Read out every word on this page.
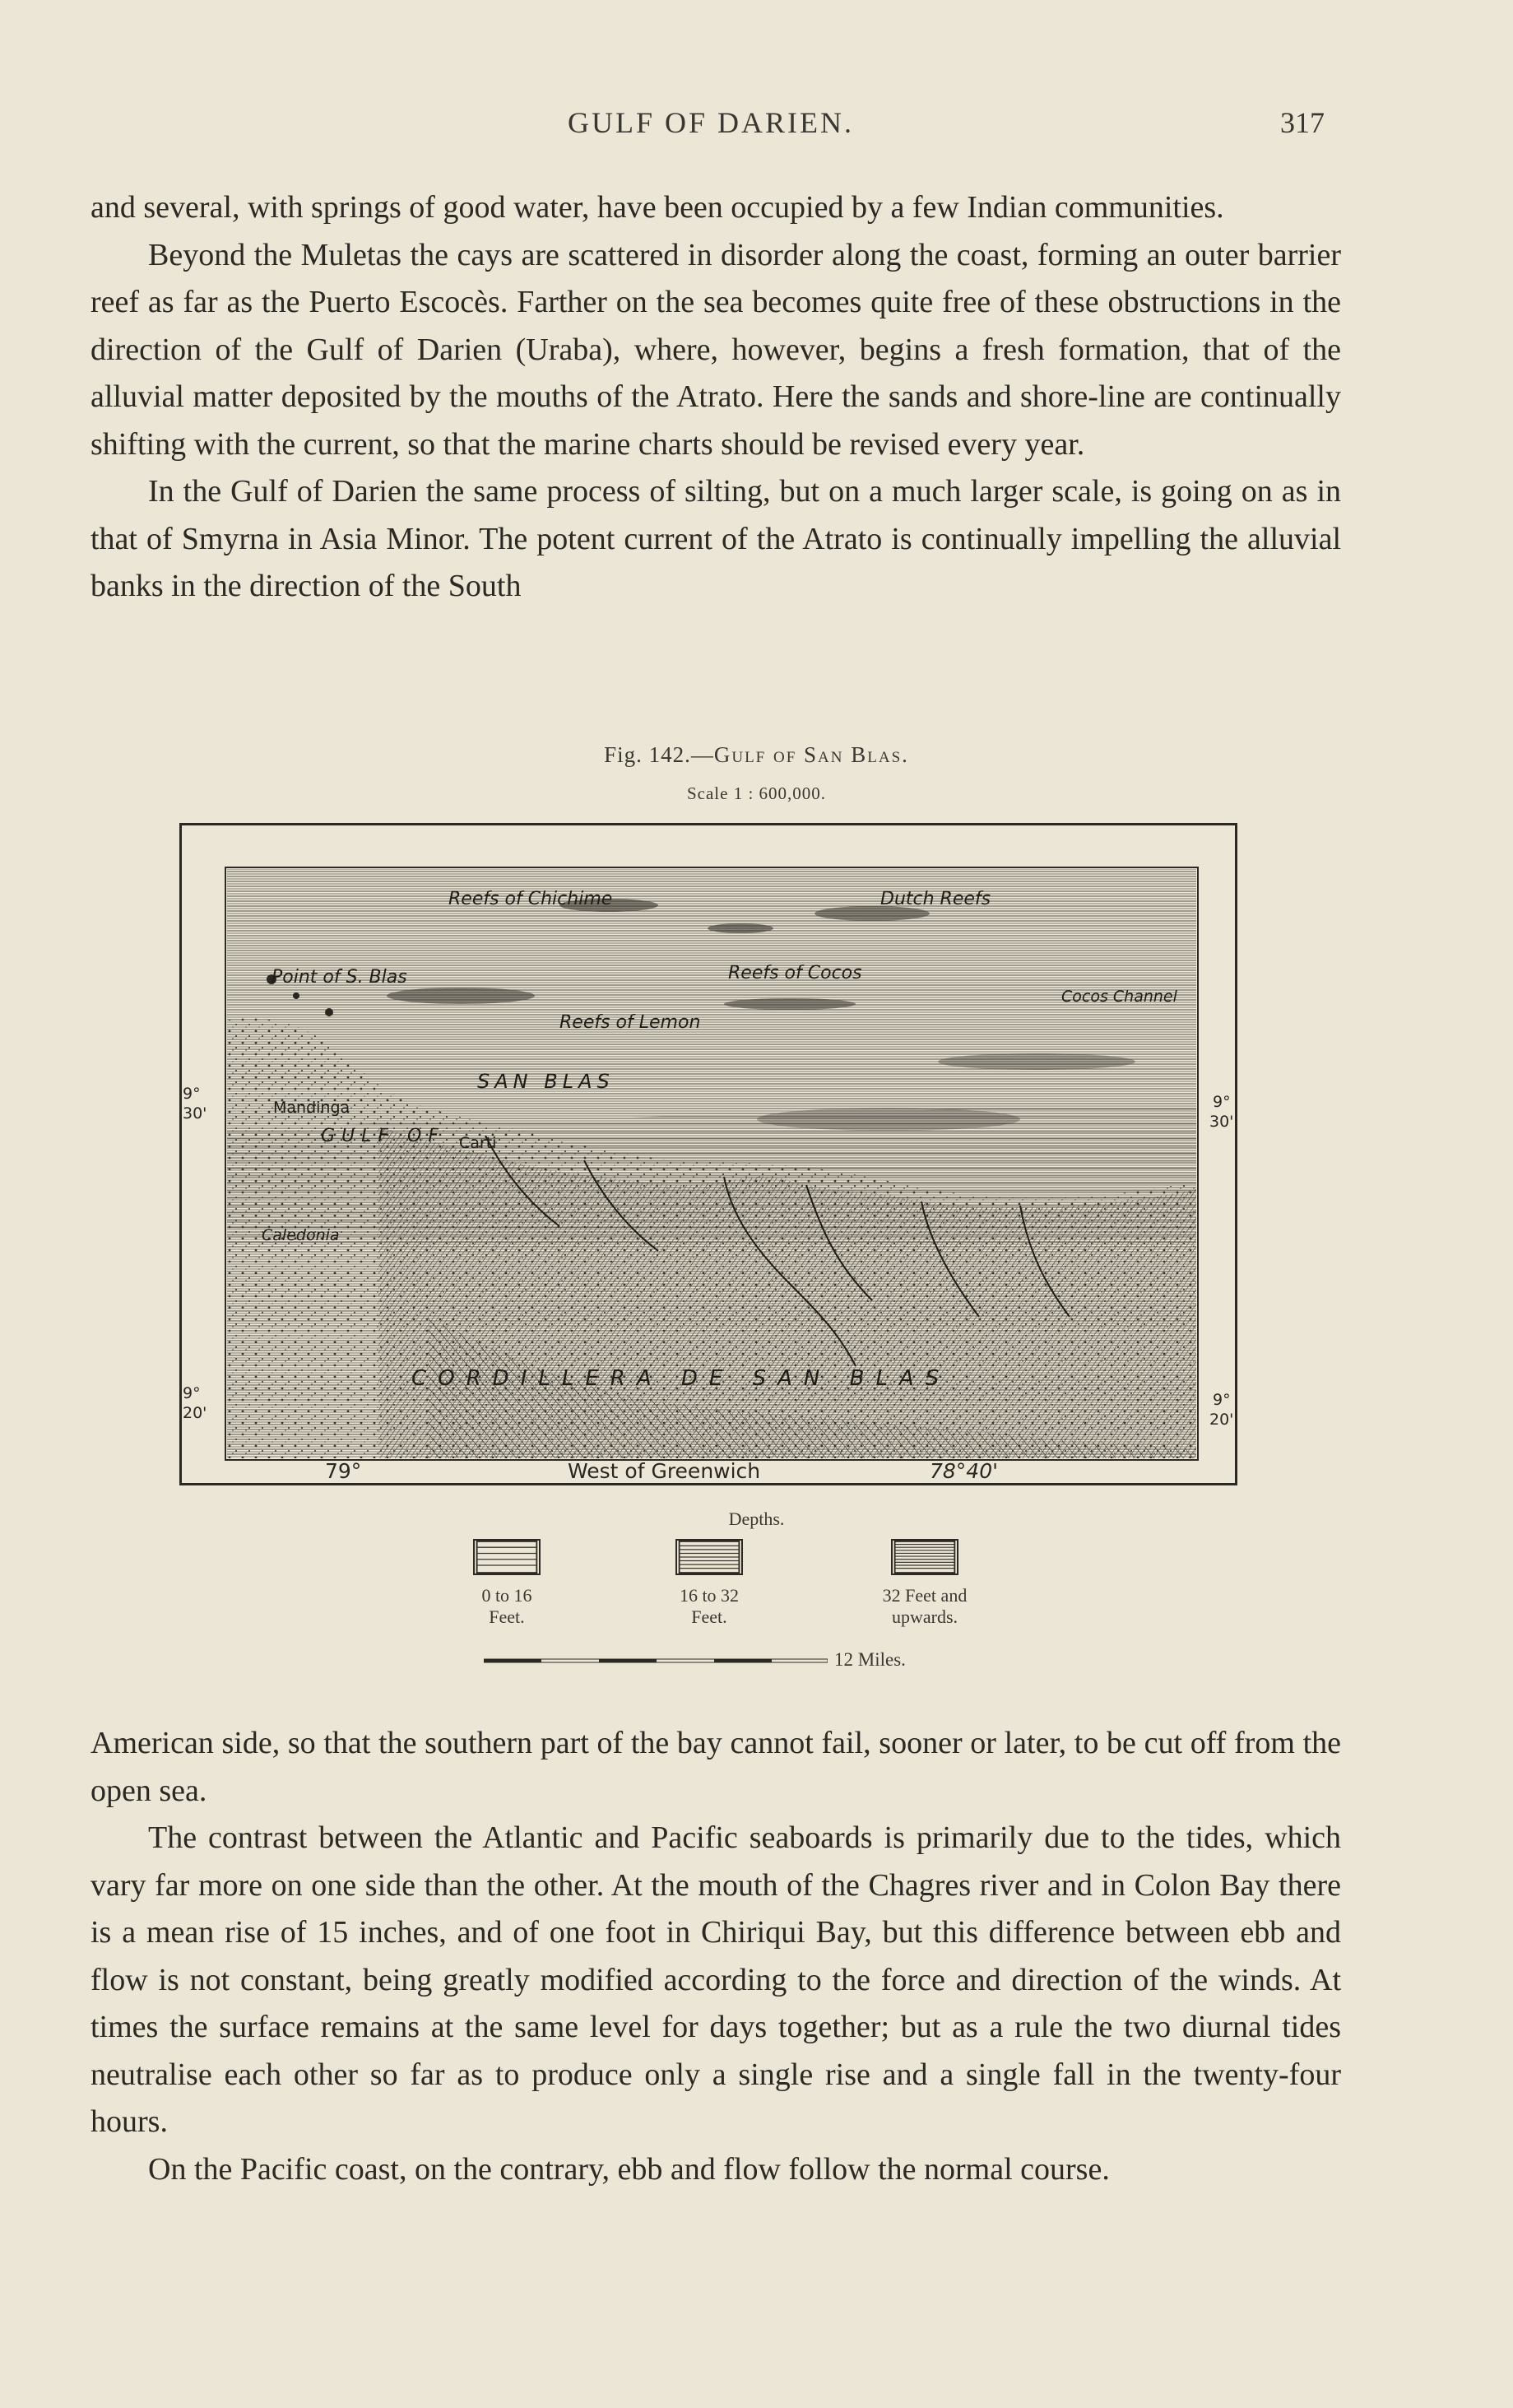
GULF OF DARIEN.	317

and several, with springs of good water, have been occupied by a few Indian communities.

Beyond the Muletas the cays are scattered in disorder along the coast, forming an outer barrier reef as far as the Puerto Escocès. Farther on the sea becomes quite free of these obstructions in the direction of the Gulf of Darien (Uraba), where, however, begins a fresh formation, that of the alluvial matter deposited by the mouths of the Atrato. Here the sands and shore-line are continually shifting with the current, so that the marine charts should be revised every year.

In the Gulf of Darien the same process of silting, but on a much larger scale, is going on as in that of Smyrna in Asia Minor. The potent current of the Atrato is continually impelling the alluvial banks in the direction of the South

Fig. 142.—Gulf of San Blas.
Scale 1 : 600,000.
Reefs of Chichime	Dutch Reefs
Point of S. Blas	Reefs of Cocos
Cocos Channel
Reefs of Lemon
SAN BLAS
GULF OF
Mandinga
Carti
Caledonia
CORDILLERA DE SAN BLAS
9°
30'
9°
30'
9°
20'
9°
20'
79°	West of Greenwich	78°40'
Depths.
0 to 16
Feet.
16 to 32
Feet.
32 Feet and
upwards.
12 Miles.

American side, so that the southern part of the bay cannot fail, sooner or later, to be cut off from the open sea.

The contrast between the Atlantic and Pacific seaboards is primarily due to the tides, which vary far more on one side than the other. At the mouth of the Chagres river and in Colon Bay there is a mean rise of 15 inches, and of one foot in Chiriqui Bay, but this difference between ebb and flow is not constant, being greatly modified according to the force and direction of the winds. At times the surface remains at the same level for days together; but as a rule the two diurnal tides neutralise each other so far as to produce only a single rise and a single fall in the twenty-four hours.

On the Pacific coast, on the contrary, ebb and flow follow the normal course.
